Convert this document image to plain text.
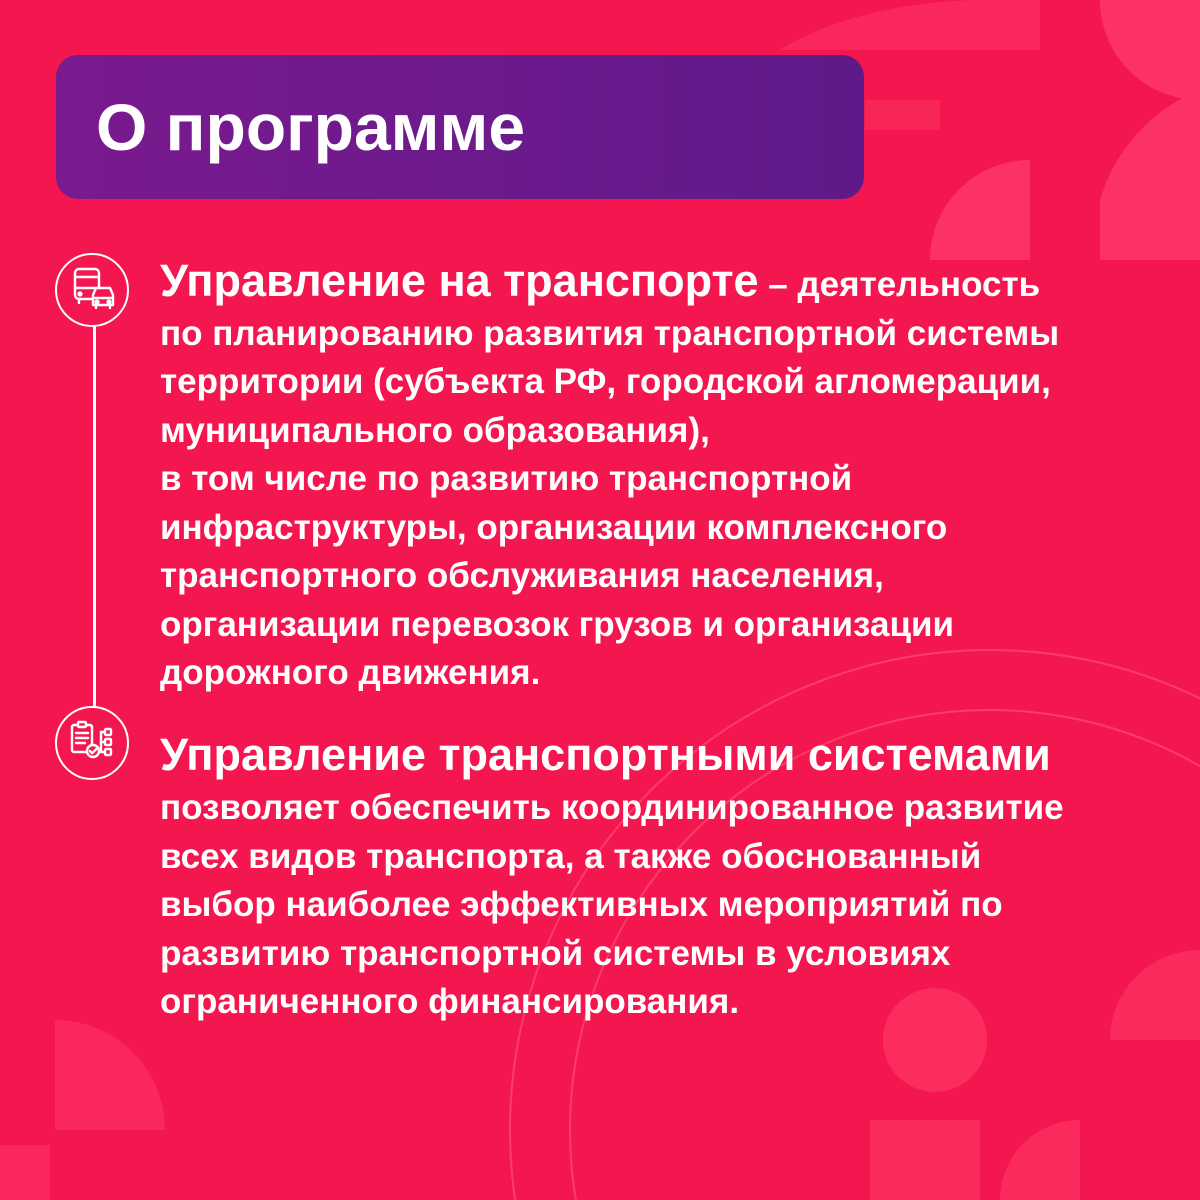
О программе

Управление на транспорте – деятельность
по планированию развития транспортной системы
территории (субъекта РФ, городской агломерации,
муниципального образования),
в том числе по развитию транспортной
инфраструктуры, организации комплексного
транспортного обслуживания населения,
организации перевозок грузов и организации
дорожного движения.

Управление транспортными системами
позволяет обеспечить координированное развитие
всех видов транспорта, а также обоснованный
выбор наиболее эффективных мероприятий по
развитию транспортной системы в условиях
ограниченного финансирования.
